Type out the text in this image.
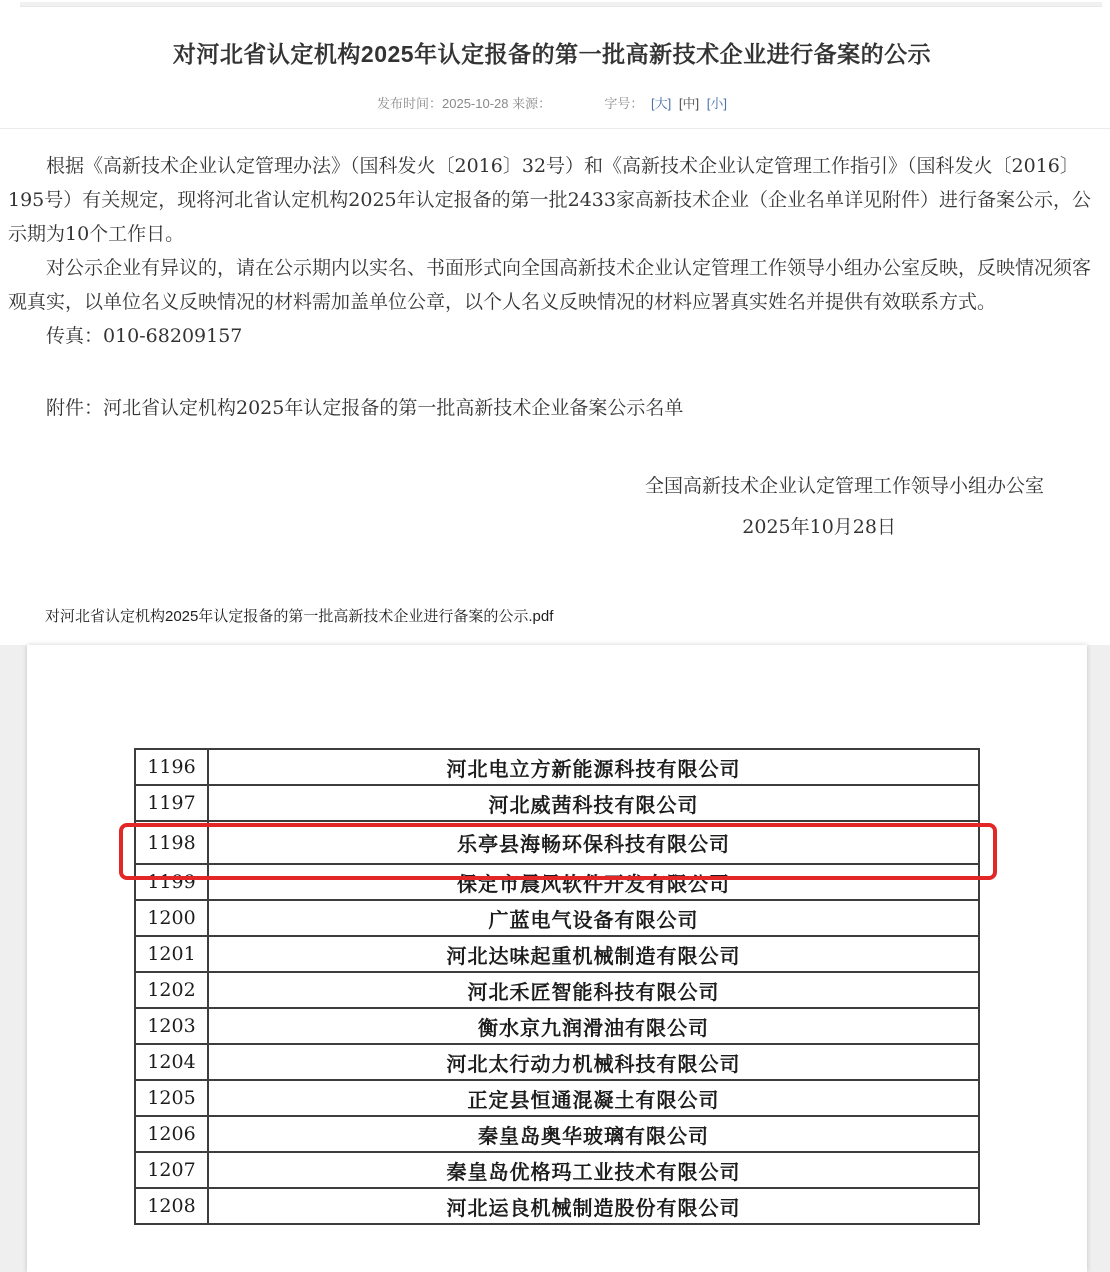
对河北省认定机构2025年认定报备的第一批高新技术企业进行备案的公示
发布时间：2025-10-28 来源：	字号： [大] [中] [小]

根据《高新技术企业认定管理办法》（国科发火〔2016〕32号）和《高新技术企业认定管理工作指引》（国科发火〔2016〕195号）有关规定，现将河北省认定机构2025年认定报备的第一批2433家高新技术企业（企业名单详见附件）进行备案公示，公示期为10个工作日。

对公示企业有异议的，请在公示期内以实名、书面形式向全国高新技术企业认定管理工作领导小组办公室反映，反映情况须客观真实，以单位名义反映情况的材料需加盖单位公章，以个人名义反映情况的材料应署真实姓名并提供有效联系方式。

传真：010-68209157

附件：河北省认定机构2025年认定报备的第一批高新技术企业备案公示名单

全国高新技术企业认定管理工作领导小组办公室

2025年10月28日

对河北省认定机构2025年认定报备的第一批高新技术企业进行备案的公示.pdf
1196	河北电立方新能源科技有限公司
1197	河北威茜科技有限公司
1198	乐亭县海畅环保科技有限公司
1199	保定市晨风软件开发有限公司
1200	广蓝电气设备有限公司
1201	河北达味起重机械制造有限公司
1202	河北禾匠智能科技有限公司
1203	衡水京九润滑油有限公司
1204	河北太行动力机械科技有限公司
1205	正定县恒通混凝土有限公司
1206	秦皇岛奥华玻璃有限公司
1207	秦皇岛优格玛工业技术有限公司
1208	河北运良机械制造股份有限公司
